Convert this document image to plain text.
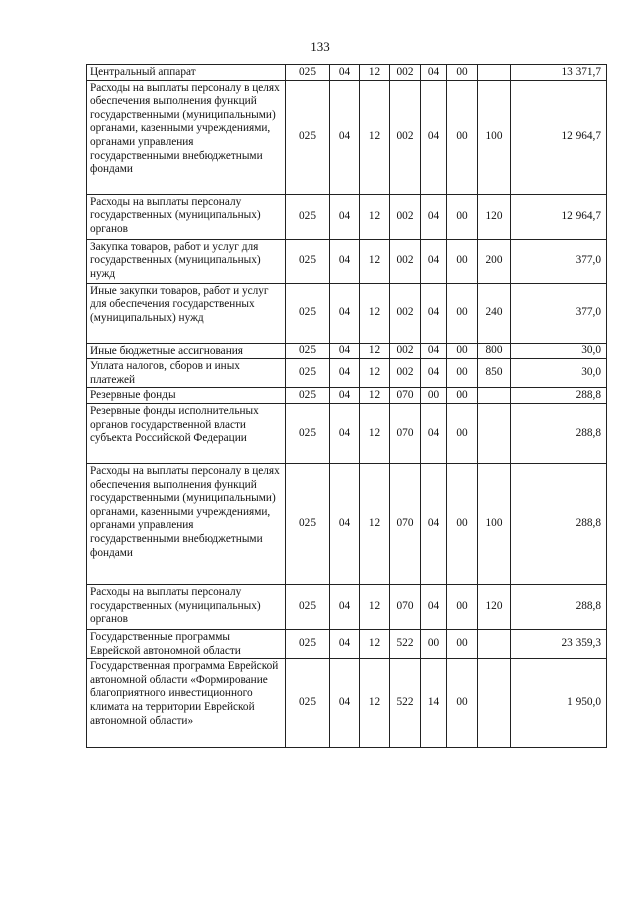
133
Центральный аппарат	025	04	12	002	04	00		13 371,7
Расходы на выплаты персоналу в целях обеспечения выполнения функций государственными (муниципальными) органами, казенными учреждениями, органами управления государственными внебюджетными фондами	025	04	12	002	04	00	100	12 964,7
Расходы на выплаты персоналу государственных (муниципальных) органов	025	04	12	002	04	00	120	12 964,7
Закупка товаров, работ и услуг для государственных (муниципальных) нужд	025	04	12	002	04	00	200	377,0
Иные закупки товаров, работ и услуг для обеспечения государственных (муниципальных) нужд	025	04	12	002	04	00	240	377,0
Иные бюджетные ассигнования	025	04	12	002	04	00	800	30,0
Уплата налогов, сборов и иных платежей	025	04	12	002	04	00	850	30,0
Резервные фонды	025	04	12	070	00	00		288,8
Резервные фонды исполнительных органов государственной власти субъекта Российской Федерации	025	04	12	070	04	00		288,8
Расходы на выплаты персоналу в целях обеспечения выполнения функций государственными (муниципальными) органами, казенными учреждениями, органами управления государственными внебюджетными фондами	025	04	12	070	04	00	100	288,8
Расходы на выплаты персоналу государственных (муниципальных) органов	025	04	12	070	04	00	120	288,8
Государственные программы Еврейской автономной области	025	04	12	522	00	00		23 359,3
Государственная программа Еврейской автономной области «Формирование благоприятного инвестиционного климата на территории Еврейской автономной области»	025	04	12	522	14	00		1 950,0
